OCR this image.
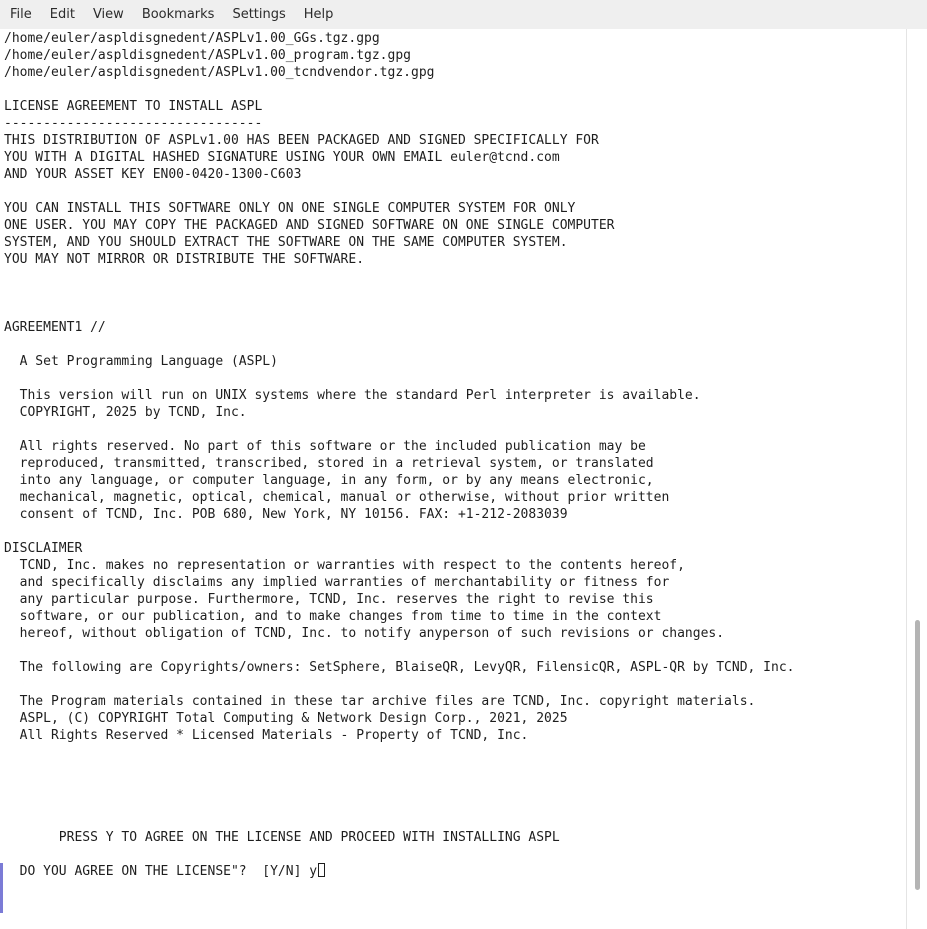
File Edit View Bookmarks Settings Help
/home/euler/aspldisgnedent/ASPLv1.00_GGs.tgz.gpg
/home/euler/aspldisgnedent/ASPLv1.00_program.tgz.gpg
/home/euler/aspldisgnedent/ASPLv1.00_tcndvendor.tgz.gpg
LICENSE AGREEMENT TO INSTALL ASPL
---------------------------------
THIS DISTRIBUTION OF ASPLv1.00 HAS BEEN PACKAGED AND SIGNED SPECIFICALLY FOR
YOU WITH A DIGITAL HASHED SIGNATURE USING YOUR OWN EMAIL euler@tcnd.com
AND YOUR ASSET KEY EN00-0420-1300-C603
YOU CAN INSTALL THIS SOFTWARE ONLY ON ONE SINGLE COMPUTER SYSTEM FOR ONLY
ONE USER. YOU MAY COPY THE PACKAGED AND SIGNED SOFTWARE ON ONE SINGLE COMPUTER
SYSTEM, AND YOU SHOULD EXTRACT THE SOFTWARE ON THE SAME COMPUTER SYSTEM.
YOU MAY NOT MIRROR OR DISTRIBUTE THE SOFTWARE.
AGREEMENT1 //
A Set Programming Language (ASPL)
This version will run on UNIX systems where the standard Perl interpreter is available.
COPYRIGHT, 2025 by TCND, Inc.
All rights reserved. No part of this software or the included publication may be
reproduced, transmitted, transcribed, stored in a retrieval system, or translated
into any language, or computer language, in any form, or by any means electronic,
mechanical, magnetic, optical, chemical, manual or otherwise, without prior written
consent of TCND, Inc. POB 680, New York, NY 10156. FAX: +1-212-2083039
DISCLAIMER
TCND, Inc. makes no representation or warranties with respect to the contents hereof,
and specifically disclaims any implied warranties of merchantability or fitness for
any particular purpose. Furthermore, TCND, Inc. reserves the right to revise this
software, or our publication, and to make changes from time to time in the context
hereof, without obligation of TCND, Inc. to notify anyperson of such revisions or changes.
The following are Copyrights/owners: SetSphere, BlaiseQR, LevyQR, FilensicQR, ASPL-QR by TCND, Inc.
The Program materials contained in these tar archive files are TCND, Inc. copyright materials.
ASPL, (C) COPYRIGHT Total Computing & Network Design Corp., 2021, 2025
All Rights Reserved * Licensed Materials - Property of TCND, Inc.
PRESS Y TO AGREE ON THE LICENSE AND PROCEED WITH INSTALLING ASPL
DO YOU AGREE ON THE LICENSE"?  [Y/N] y
